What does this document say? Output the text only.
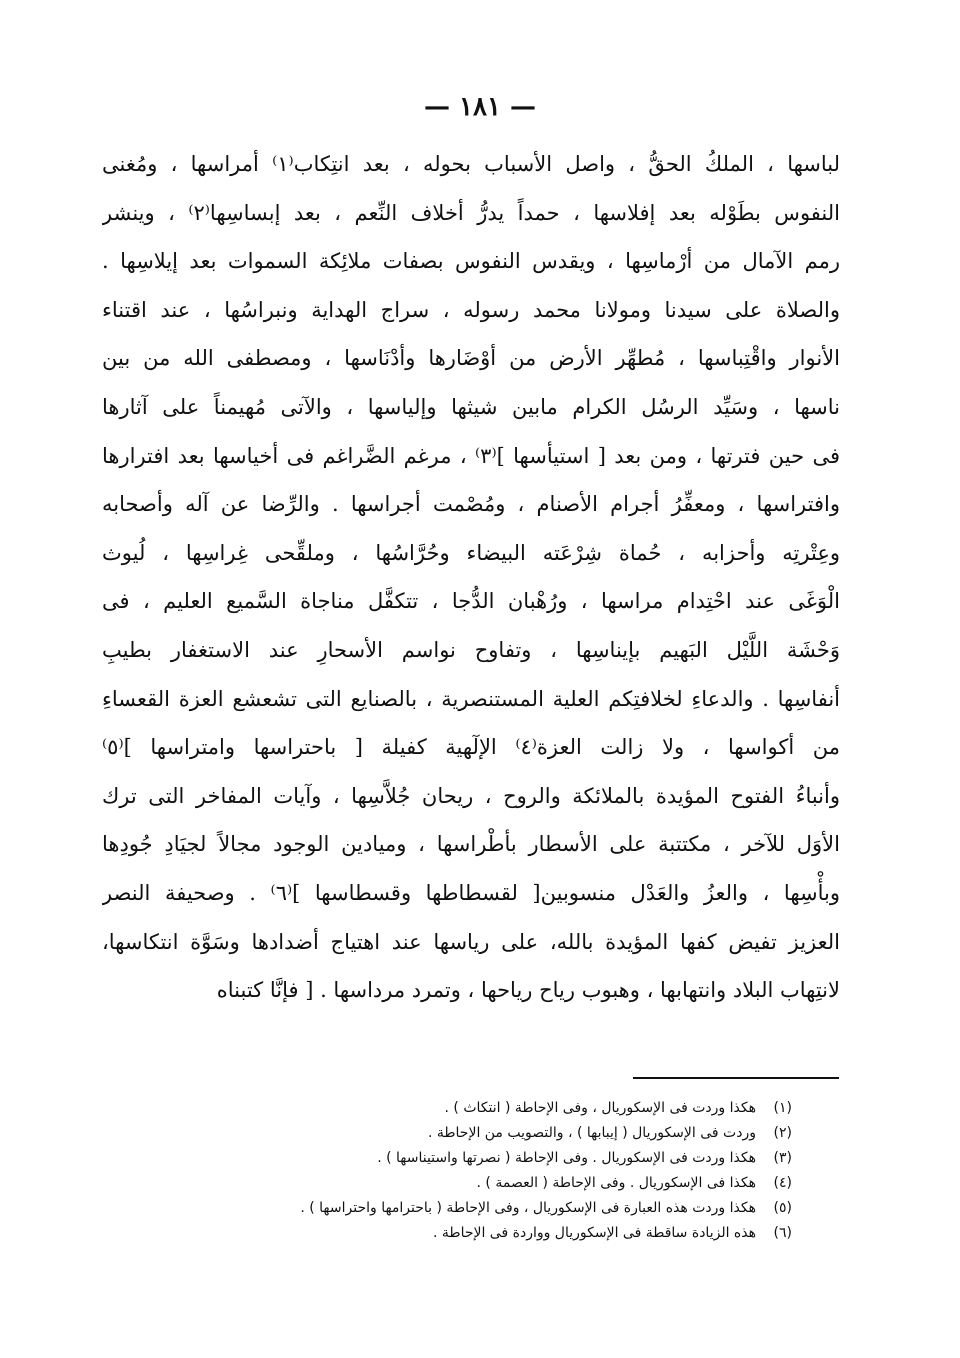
— ١٨١ —
لباسها ، الملكُ الحقُّ ، واصل الأسباب بحوله ، بعد انتِكاب⁽١⁾ أمراسها ، ومُغنى
النفوس بطَوْله بعد إفلاسها ، حمداً يدرُّ أخلاف النِّعم ، بعد إبساسِها⁽٢⁾ ، وينشر
رمم الآمال من أرْماسِها ، ويقدس النفوس بصفات ملائِكة السموات بعد إيلاسِها .
والصلاة على سيدنا ومولانا محمد رسوله ، سراج الهداية ونبراسُها ، عند اقتناء
الأنوار واقْتِباسها ، مُطهِّر الأرض من أوْضَارها وأدْنَاسها ، ومصطفى الله من بين
ناسها ، وسَيِّد الرسُل الكرام مابين شيثها وإلياسها ، والآتى مُهيمناً على آثارها
فى حين فترتها ، ومن بعد [ استيأسها ]⁽٣⁾ ، مرغم الضَّراغم فى أخياسها بعد افترارها
وافتراسها ، ومعفِّرُ أجرام الأصنام ، ومُصْمت أجراسها . والرِّضا عن آله وأصحابه
وعِتْرتِه وأحزابه ، حُماة شِرْعَته البيضاء وحُرَّاسُها ، وملقِّحى غِراسِها ، لُيوث
الْوَغَى عند احْتِدام مراسها ، ورُهْبان الدُّجا ، تتكفَّل مناجاة السَّميع العليم ، فى
وَحْشَة اللَّيْل البَهيم بإيناسِها ، وتفاوح نواسم الأسحارِ عند الاستغفار بطيبِ
أنفاسِها . والدعاءِ لخلافتِكم العلية المستنصرية ، بالصنايع التى تشعشع العزة القعساءِ
من أكواسها ، ولا زالت العزة⁽٤⁾ الإلٓهية كفيلة [ باحتراسها وامتراسها ]⁽٥⁾
وأنباءُ الفتوح المؤيدة بالملائكة والروح ، ريحان جُلاَّسِها ، وآيات المفاخر التى ترك
الأوَل للآخر ، مكتتبة على الأسطار بأطْراسها ، وميادين الوجود مجالاً لجيَادِ جُودِها
وبأْسِها ، والعزُ والعَدْل منسوبين[ لقسطاطها وقسطاسها ]⁽٦⁾ . وصحيفة النصر
العزيز تفيض كفها المؤيدة بالله، على رياسها عند اهتياج أضدادها وسَوَّة انتكاسها،
لانتِهاب البلاد وانتهابها ، وهبوب رياح رياحها ، وتمرد مرداسها . [ فإنَّا كتبناه
(١)هكذا وردت فى الإسكوريال ، وفى الإحاطة ( انتكاث ) .
(٢)وردت فى الإسكوريال ( إيبابها ) ، والتصويب من الإحاطة .
(٣)هكذا وردت فى الإسكوريال . وفى الإحاطة ( نصرتها واستيناسها ) .
(٤)هكذا فى الإسكوريال . وفى الإحاطة ( العصمة ) .
(٥)هكذا وردت هذه العبارة فى الإسكوريال ، وفى الإحاطة ( باحترامها واحتراسها ) .
(٦)هذه الزيادة ساقطة فى الإسكوريال وواردة فى الإحاطة .
